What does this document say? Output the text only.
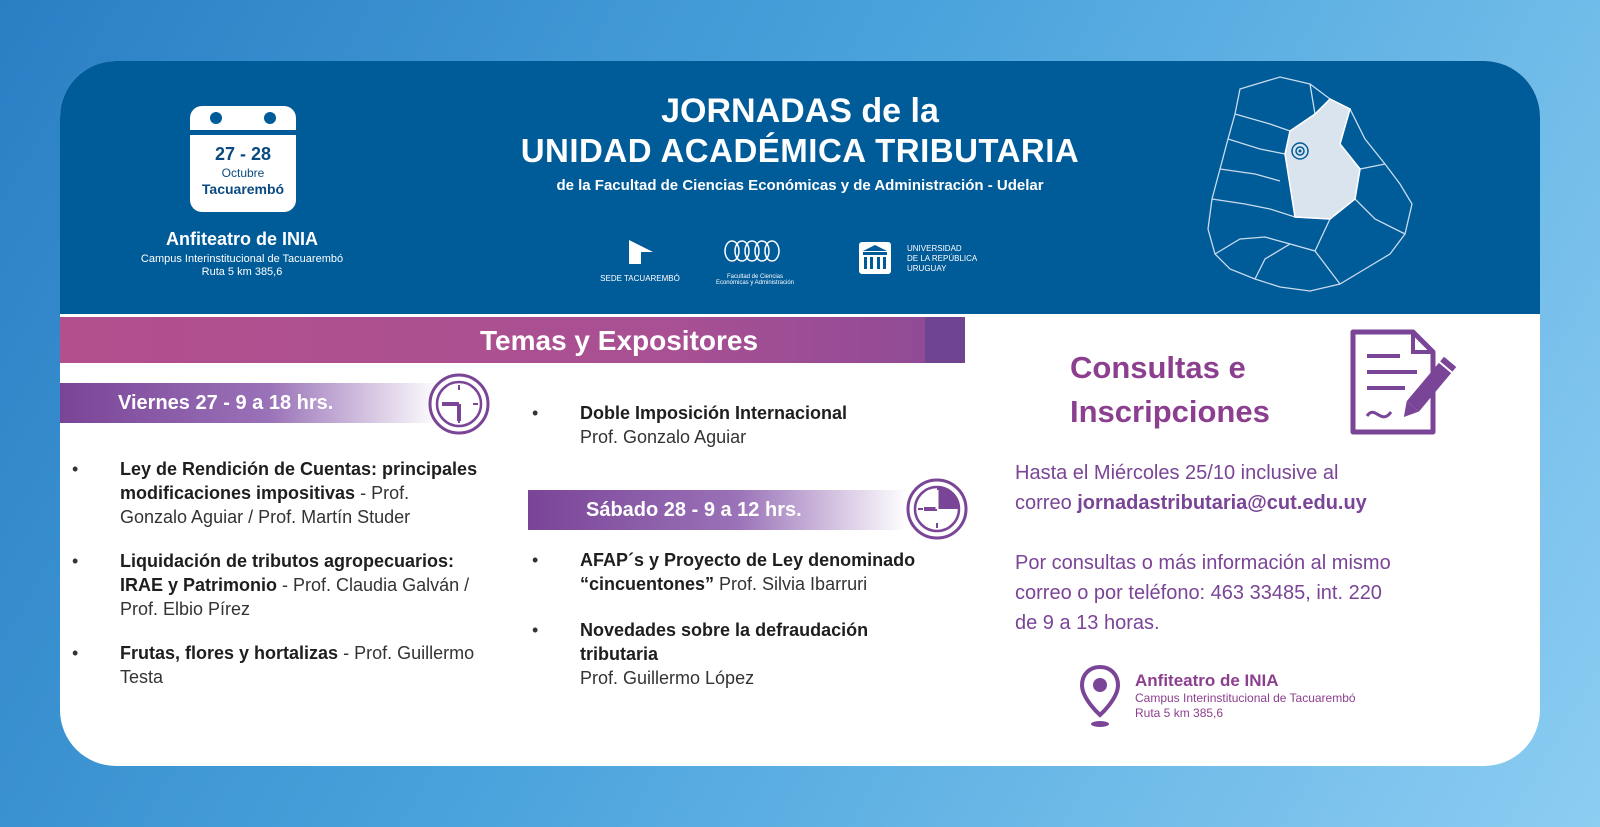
27 - 28
Octubre
Tacuarembó
Anfiteatro de INIA
Campus Interinstitucional de Tacuarembó
Ruta 5 km 385,6
JORNADAS de la
UNIDAD ACADÉMICA TRIBUTARIA
de la Facultad de Ciencias Económicas y de Administración - Udelar
SEDE TACUAREMBÓ	Facultad de Ciencias Económicas y Administración
UNIVERSIDAD
DE LA REPÚBLICA
URUGUAY
Temas y Expositores
Viernes 27 - 9 a 18 hrs.
• Ley de Rendición de Cuentas: principales modificaciones impositivas - Prof. Gonzalo Aguiar / Prof. Martín Studer
• Liquidación de tributos agropecuarios: IRAE y Patrimonio - Prof. Claudia Galván / Prof. Elbio Pírez
• Frutas, flores y hortalizas - Prof. Guillermo Testa
• Doble Imposición Internacional
Prof. Gonzalo Aguiar
Sábado 28 - 9 a 12 hrs.
• AFAP´s y Proyecto de Ley denominado “cincuentones” Prof. Silvia Ibarruri
• Novedades sobre la defraudación tributaria
Prof. Guillermo López
Consultas e
Inscripciones
Hasta el Miércoles 25/10 inclusive al
correo jornadastributaria@cut.edu.uy
Por consultas o más información al mismo
correo o por teléfono: 463 33485, int. 220
de 9 a 13 horas.
Anfiteatro de INIA
Campus Interinstitucional de Tacuarembó
Ruta 5 km 385,6
